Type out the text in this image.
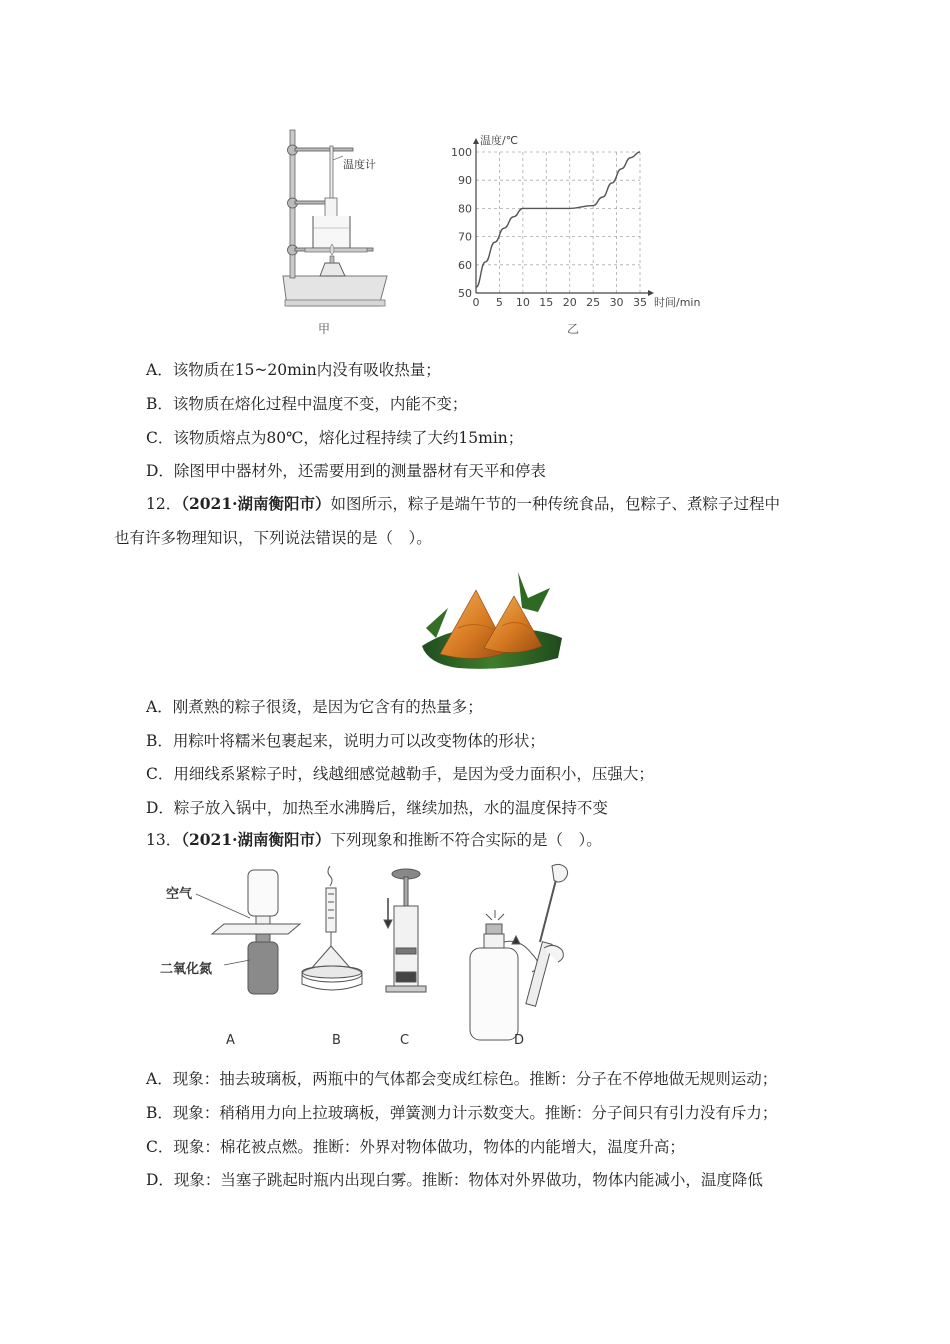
温度计
甲
0 5 10 15 20 25 30 35
50
60
70
80
90
100
时间/min
温度/℃
乙
A．该物质在15~20min内没有吸收热量；
B．该物质在熔化过程中温度不变，内能不变；
C．该物质熔点为80℃，熔化过程持续了大约15min；
D．除图甲中器材外，还需要用到的测量器材有天平和停表
12．（2021·湖南衡阳市）如图所示，粽子是端午节的一种传统食品，包粽子、煮粽子过程中
也有许多物理知识，下列说法错误的是（　）。
A．刚煮熟的粽子很烫，是因为它含有的热量多；
B．用粽叶将糯米包裹起来，说明力可以改变物体的形状；
C．用细线系紧粽子时，线越细感觉越勒手，是因为受力面积小，压强大；
D．粽子放入锅中，加热至水沸腾后，继续加热，水的温度保持不变
13．（2021·湖南衡阳市）下列现象和推断不符合实际的是（　）。
空气
二氧化氮
A	B	C	D
A．现象：抽去玻璃板，两瓶中的气体都会变成红棕色。推断：分子在不停地做无规则运动；
B．现象：稍稍用力向上拉玻璃板，弹簧测力计示数变大。推断：分子间只有引力没有斥力；
C．现象：棉花被点燃。推断：外界对物体做功，物体的内能增大，温度升高；
D．现象：当塞子跳起时瓶内出现白雾。推断：物体对外界做功，物体内能减小，温度降低
